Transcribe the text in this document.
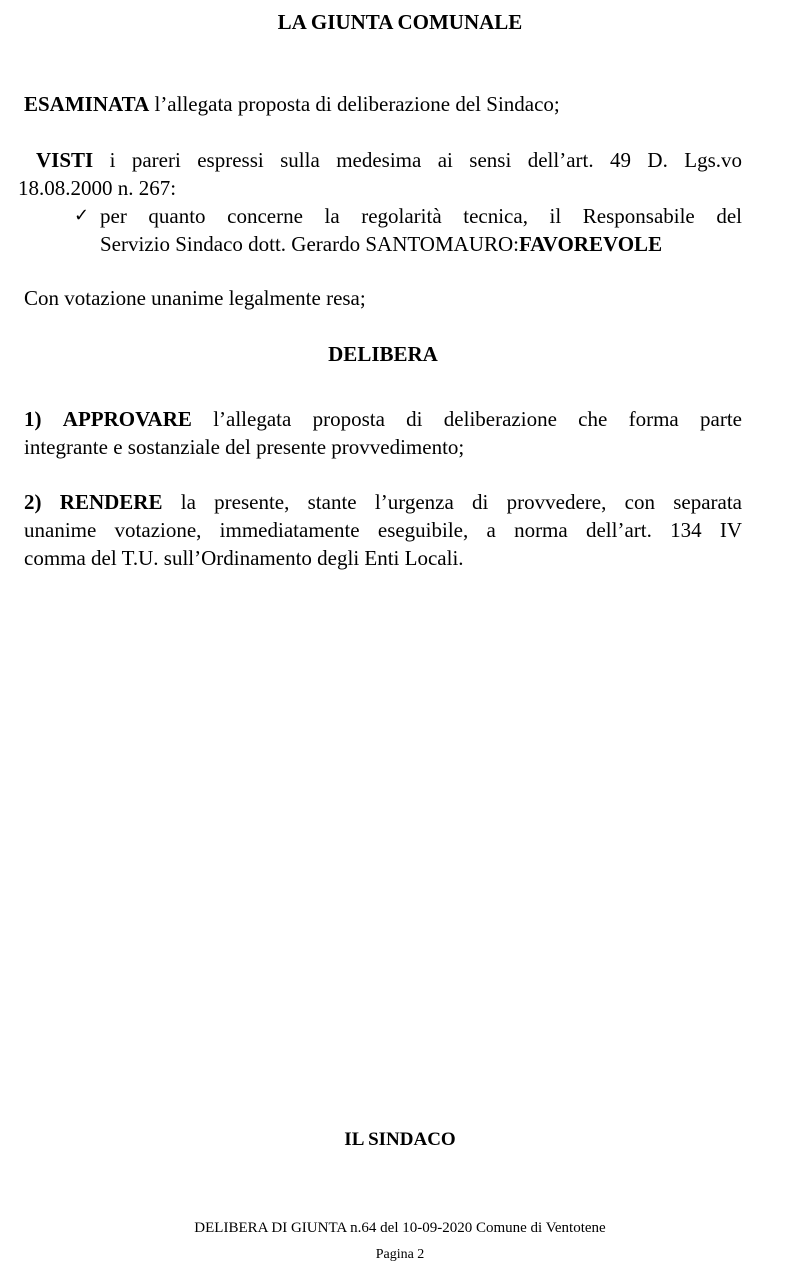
LA GIUNTA COMUNALE
ESAMINATA l’allegata proposta di deliberazione del Sindaco;
VISTI i pareri espressi sulla medesima ai sensi dell’art. 49 D. Lgs.vo
18.08.2000 n. 267:
✓ per quanto concerne la regolarità tecnica, il Responsabile del
Servizio Sindaco dott. Gerardo SANTOMAURO:FAVOREVOLE
Con votazione unanime legalmente resa;
DELIBERA
1) APPROVARE l’allegata proposta di deliberazione che forma parte
integrante e sostanziale del presente provvedimento;
2) RENDERE la presente, stante l’urgenza di provvedere, con separata
unanime votazione, immediatamente eseguibile, a norma dell’art. 134 IV
comma del T.U. sull’Ordinamento degli Enti Locali.
IL SINDACO
DELIBERA DI GIUNTA n.64 del 10-09-2020 Comune di Ventotene
Pagina 2
